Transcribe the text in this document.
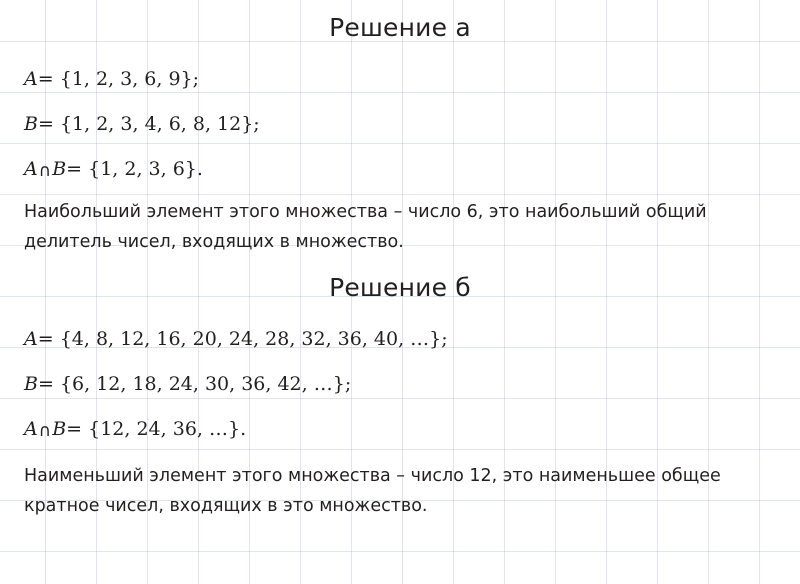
Решение а
A= {1, 2, 3, 6, 9};
B= {1, 2, 3, 4, 6, 8, 12};
A∩B= {1, 2, 3, 6}.
Наибольший элемент этого множества – число 6, это наибольший общий делитель чисел, входящих в множество.
Решение б
A= {4, 8, 12, 16, 20, 24, 28, 32, 36, 40, …};
B= {6, 12, 18, 24, 30, 36, 42, …};
A∩B= {12, 24, 36, …}.
Наименьший элемент этого множества – число 12, это наименьшее общее кратное чисел, входящих в это множество.
